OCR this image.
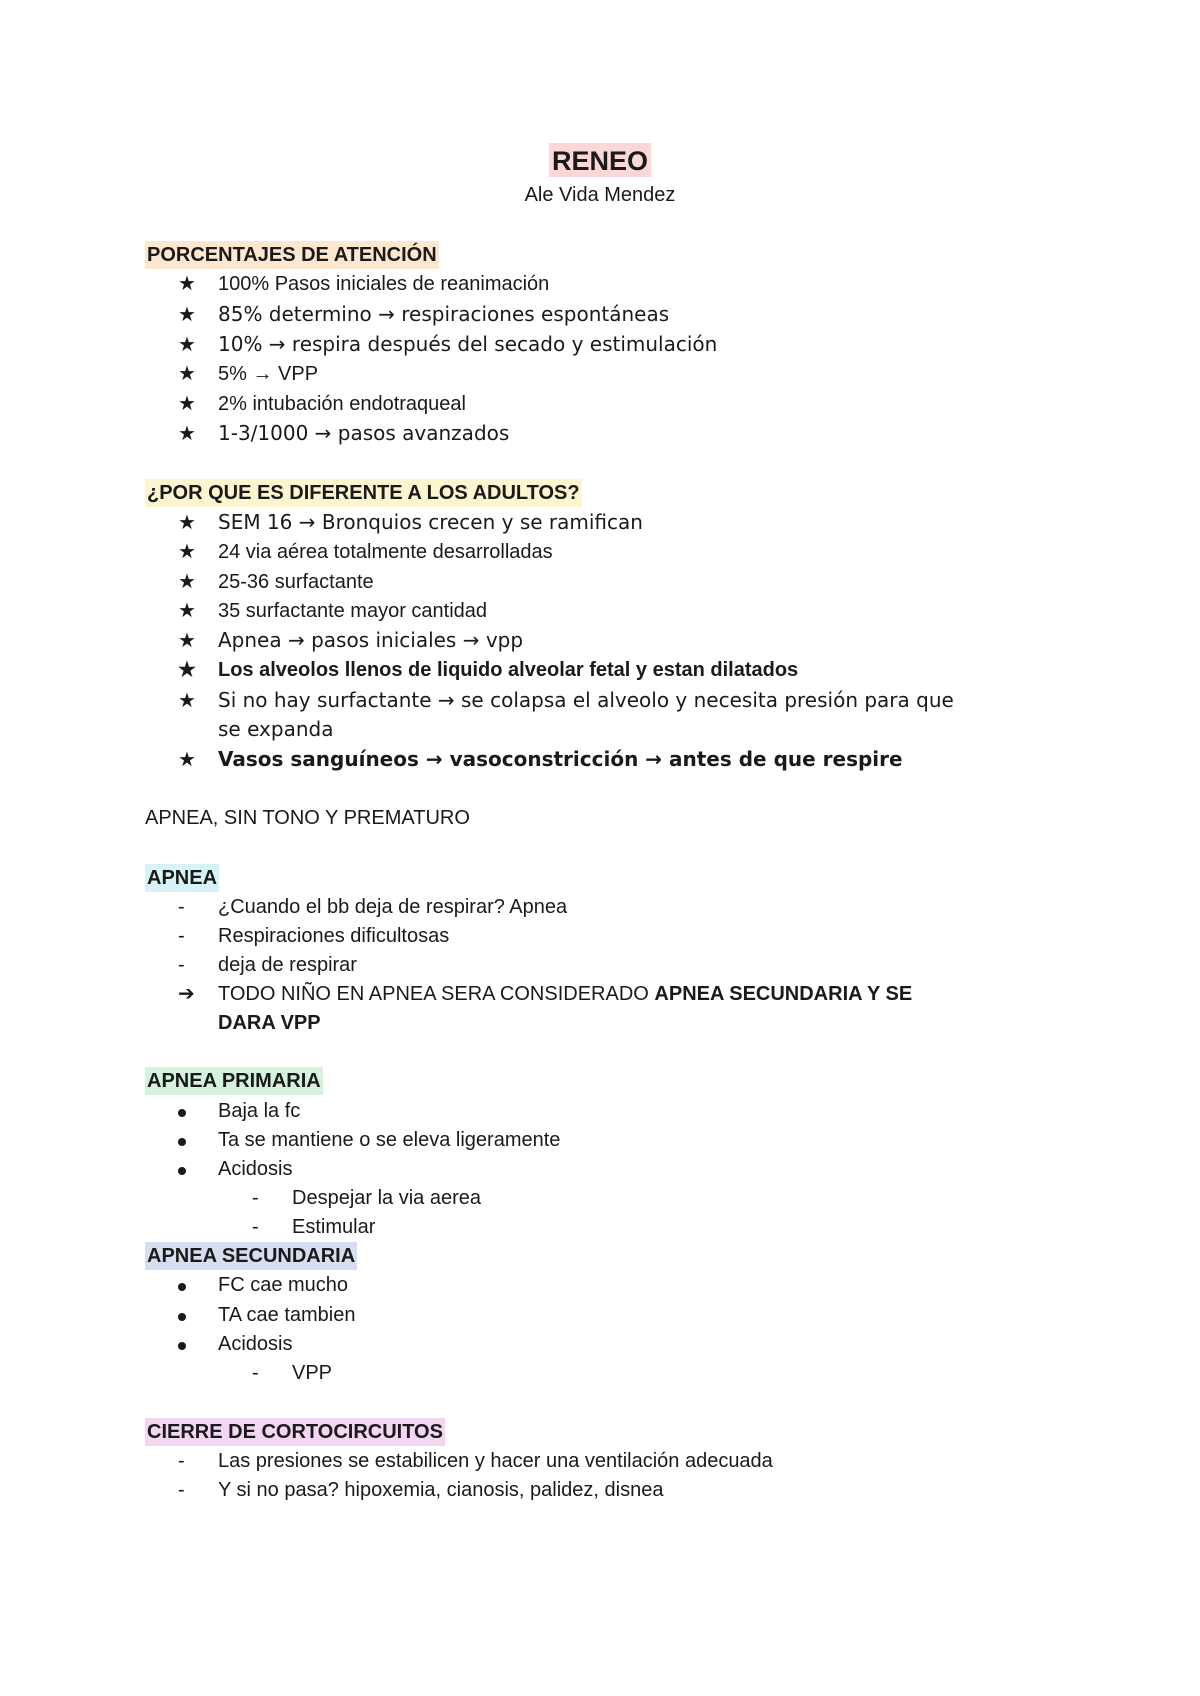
RENEO
Ale Vida Mendez
PORCENTAJES DE ATENCIÓN
★	100% Pasos iniciales de reanimación
★	85% determino → respiraciones espontáneas
★	10% → respira después del secado y estimulación
★	5% → VPP
★	2% intubación endotraqueal
★	1-3/1000 → pasos avanzados
¿POR QUE ES DIFERENTE A LOS ADULTOS?
★	SEM 16 → Bronquios crecen y se ramifican
★	24 via aérea totalmente desarrolladas
★	25-36 surfactante
★	35 surfactante mayor cantidad
★	Apnea → pasos iniciales → vpp
★	Los alveolos llenos de liquido alveolar fetal y estan dilatados
★	Si no hay surfactante → se colapsa el alveolo y necesita presión para que
se expanda
★	Vasos sanguíneos → vasoconstricción → antes de que respire
APNEA, SIN TONO Y PREMATURO
APNEA
-	¿Cuando el bb deja de respirar? Apnea
-	Respiraciones dificultosas
-	deja de respirar
➔	TODO NIÑO EN APNEA SERA CONSIDERADO APNEA SECUNDARIA Y SE
DARA VPP
APNEA PRIMARIA
Baja la fc
Ta se mantiene o se eleva ligeramente
Acidosis
-	Despejar la via aerea
-	Estimular
APNEA SECUNDARIA
FC cae mucho
TA cae tambien
Acidosis
-	VPP
CIERRE DE CORTOCIRCUITOS
-	Las presiones se estabilicen y hacer una ventilación adecuada
-	Y si no pasa? hipoxemia, cianosis, palidez, disnea
